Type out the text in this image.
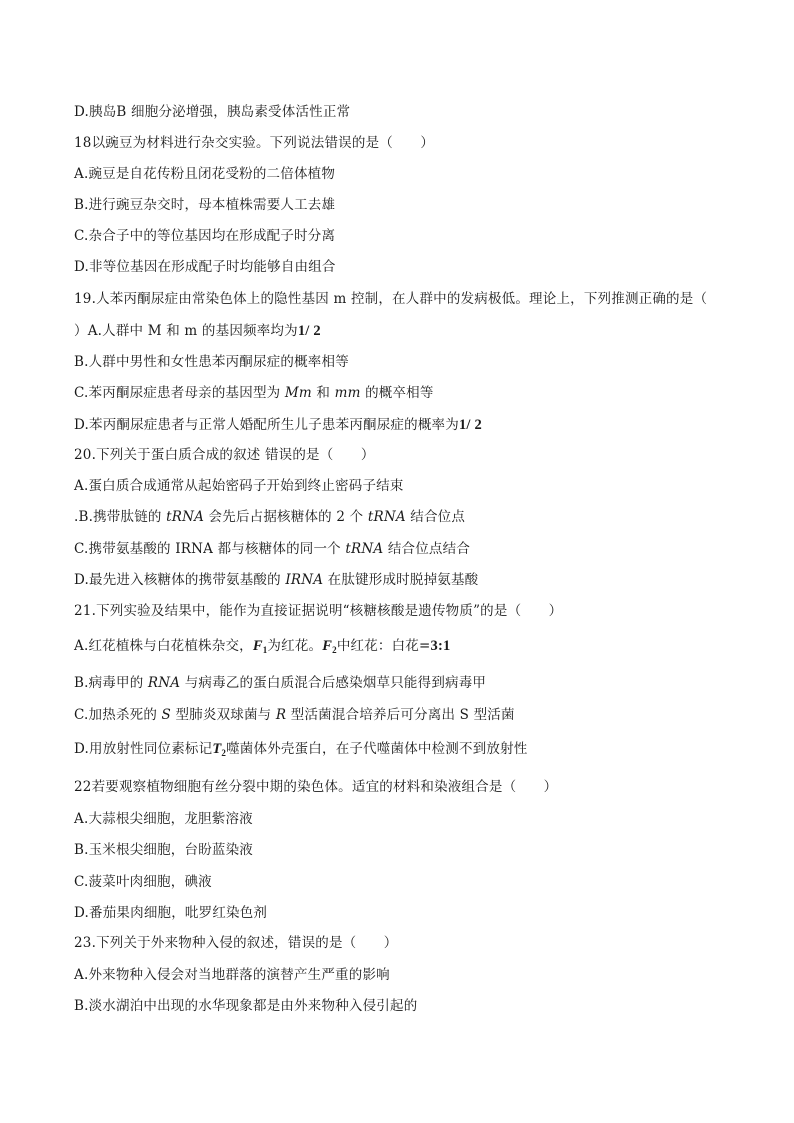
D.胰岛B 细胞分泌增强，胰岛素受体活性正常
18以豌豆为材料进行杂交实验。下列说法错误的是（　　）
A.豌豆是自花传粉且闭花受粉的二倍体植物
B.进行豌豆杂交时，母本植株需要人工去雄
C.杂合子中的等位基因均在形成配子时分离
D.非等位基因在形成配子时均能够自由组合
19.人苯丙酮尿症由常染色体上的隐性基因 m 控制，在人群中的发病极低。理论上，下列推测正确的是（
）A.人群中 M 和 m 的基因频率均为1/ 2
B.人群中男性和女性患苯丙酮尿症的概率相等
C.苯丙酮尿症患者母亲的基因型为 Mm 和 mm 的概卒相等
D.苯丙酮尿症患者与正常人婚配所生儿子患苯丙酮尿症的概率为1/ 2
20.下列关于蛋白质合成的叙述 错误的是（　　）
A.蛋白质合成通常从起始密码子开始到终止密码子结束
.B.携带肽链的 tRNA 会先后占据核糖体的 2 个 tRNA 结合位点
C.携带氨基酸的 IRNA 都与核糖体的同一个 tRNA 结合位点结合
D.最先进入核糖体的携带氨基酸的 IRNA 在肽键形成时脱掉氨基酸
21.下列实验及结果中，能作为直接证据说明“核糖核酸是遗传物质”的是（　　）
A.红花植株与白花植株杂交，$F_1$为红花。$F_2$中红花：白花=3:1
B.病毒甲的 RNA 与病毒乙的蛋白质混合后感染烟草只能得到病毒甲
C.加热杀死的 S 型肺炎双球菌与 R 型活菌混合培养后可分离出 S 型活菌
D.用放射性同位素标记$T_2$噬菌体外壳蛋白，在子代噬菌体中检测不到放射性
22若要观察植物细胞有丝分裂中期的染色体。适宜的材料和染液组合是（　　）
A.大蒜根尖细胞，龙胆紫溶液
B.玉米根尖细胞，台盼蓝染液
C.菠菜叶肉细胞，碘液
D.番茄果肉细胞，吡罗红染色剂
23.下列关于外来物种入侵的叙述，错误的是（　　）
A.外来物种入侵会对当地群落的演替产生严重的影响
B.淡水湖泊中出现的水华现象都是由外来物种入侵引起的
